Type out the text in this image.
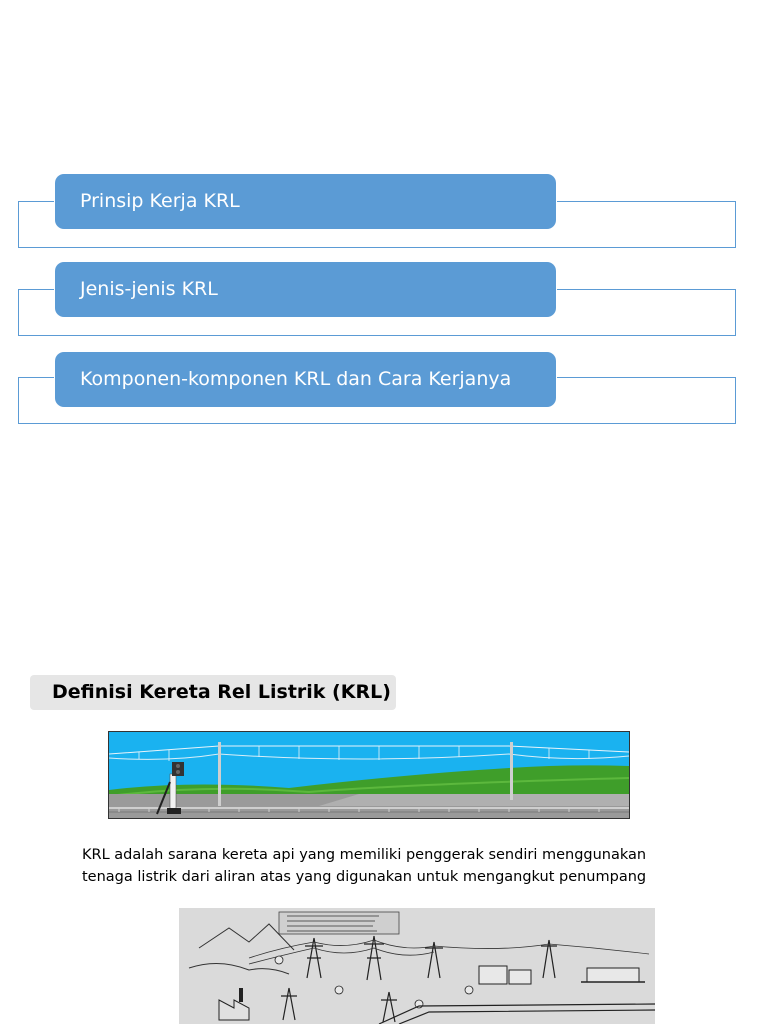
Prinsip Kerja KRL
Jenis-jenis KRL
Komponen-komponen KRL dan Cara Kerjanya
Definisi Kereta Rel Listrik (KRL)
KRL adalah sarana kereta api yang memiliki penggerak sendiri menggunakan
tenaga listrik dari aliran atas yang digunakan untuk mengangkut penumpang
